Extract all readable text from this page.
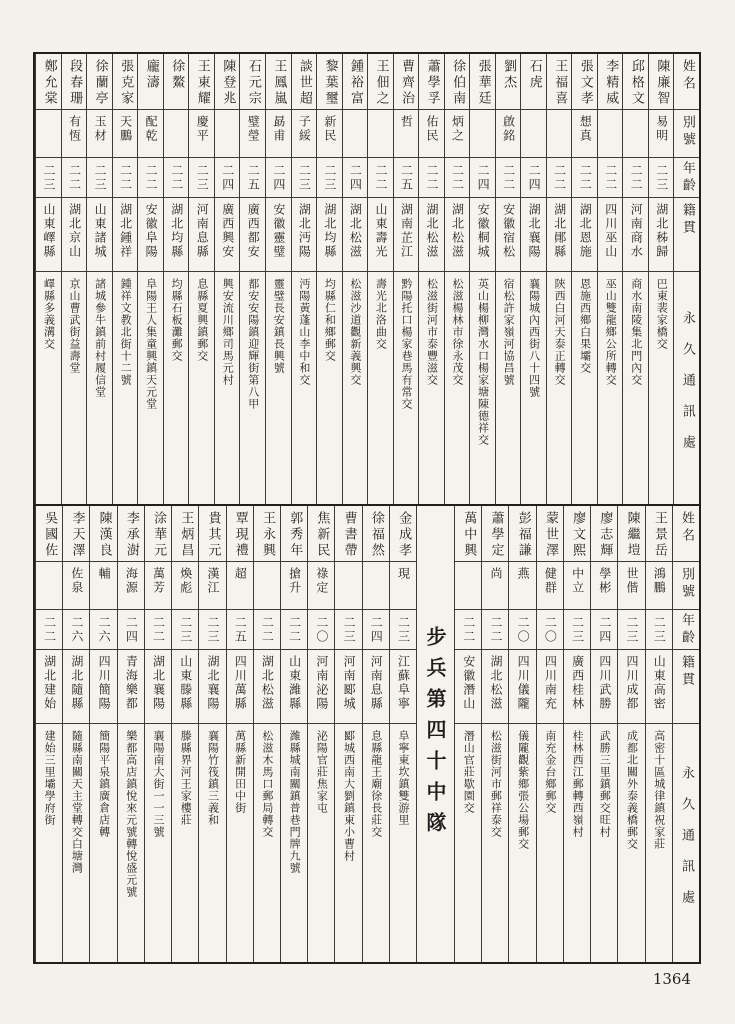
姓名
別號
年齡
籍貫
永久通訊處
陳廉智
易明
二三
湖北秭歸
巴東裴家橋交
邱格文
二二
河南商水
商水南陵集北門內交
李精威
二二
四川巫山
巫山雙龍鄉公所轉交
張文孝
想真
二二
湖北恩施
恩施西鄉白果壩交
王福喜
二二
湖北鄖縣
陝西白河天泰正轉交
石虎
二四
湖北襄陽
襄陽城內西街八十四號
劉杰
啟銘
二二
安徽宿松
宿松許家嶺河協昌號
張華廷
二四
安徽桐城
英山楊柳灣水口楊家塘陳德祥交
徐伯南
炳之
二二
湖北松滋
松滋楊林市徐永茂交
蕭學孚
佑民
二二
湖北松滋
松滋街河市泰豐滋交
曹齊治
哲
二五
湖南芷江
黔陽托口楊家巷馬有常交
王佃之
二二
山東壽光
壽光北洛曲交
鍾裕富
二四
湖北松滋
松滋沙道觀新義興交
黎葉璽
新民
二三
湖北均縣
均縣仁和鄉郵交
談世超
子綏
二三
湖北沔陽
沔陽黃蓬山李中和交
王鳳嵐
勗甫
二四
安徽靈璧
靈璧長安鎮長興號
石元宗
璧瑩
二五
廣西都安
都安安陽鎮迎輝街第八甲
陳登兆
二四
廣西興安
興安流川鄉司馬元村
王東耀
慶平
二三
河南息縣
息縣夏興鎮郵交
徐鰲
二二
湖北均縣
均縣石板灘郵交
龐濤
配乾
二二
安徽阜陽
阜陽王人集童興鎮天元堂
張克家
天鵬
二二
湖北鍾祥
鍾祥文教北街十二號
徐蘭亭
玉材
二三
山東諸城
諸城參牛鎮前村履信堂
段春珊
有恆
二二
湖北京山
京山曹武街益壽堂
鄭允棠
二三
山東嶧縣
嶧縣多義溝交
姓名
別號
年齡
籍貫
永久通訊處
王景岳
鴻鵬
二三
山東高密
高密十區城律鎮祝家莊
陳繼塏
世偕
二三
四川成都
成都北關外泰義橋郵交
廖志輝
學彬
二四
四川武勝
武勝三里鎮郵交旺村
廖文熙
中立
二三
廣西桂林
桂林西江郵轉西嶺村
蒙世澤
健群
二〇
四川南充
南充金台鄉郵交
彭福謙
燕
二〇
四川儀隴
儀隴觀紫鄉張公場郵交
蕭學定
尚
二二
湖北松滋
松滋街河市郵祥泰交
萬中興
二二
安徽潛山
潛山官莊歇園交
步兵第四十中隊
金成孝
現
二三
江蘇阜寧
阜寧東坎鎮雙游里
徐福然
二四
河南息縣
息縣龍王廟徐長莊交
曹書帶
二三
河南郾城
郾城西南大劉鎮東小曹村
焦新民
祿定
二〇
河南泌陽
泌陽官莊焦家屯
郭秀年
搶升
二二
山東濰縣
濰縣城南關鎮普巷門牌九號
王永興
二二
湖北松滋
松滋木馬口郵局轉交
覃現禮
超
二五
四川萬縣
萬縣新開田中街
貴其元
漢江
二三
湖北襄陽
襄陽竹筏鎮三義和
王炳昌
煥彪
二三
山東滕縣
滕縣界河王家樓莊
涂華元
萬芳
二二
湖北襄陽
襄陽南大街一一三號
李承澍
海源
二四
青海樂都
樂都高店鎮悅來元號轉悅盛元號
陳漢良
輔
二六
四川簡陽
簡陽平泉鎮廣倉店轉
李天澤
佐泉
二六
湖北隨縣
隨縣南關天主堂轉交白塘灣
吳國佐
二二
湖北建始
建始三里壩學府街
1364
